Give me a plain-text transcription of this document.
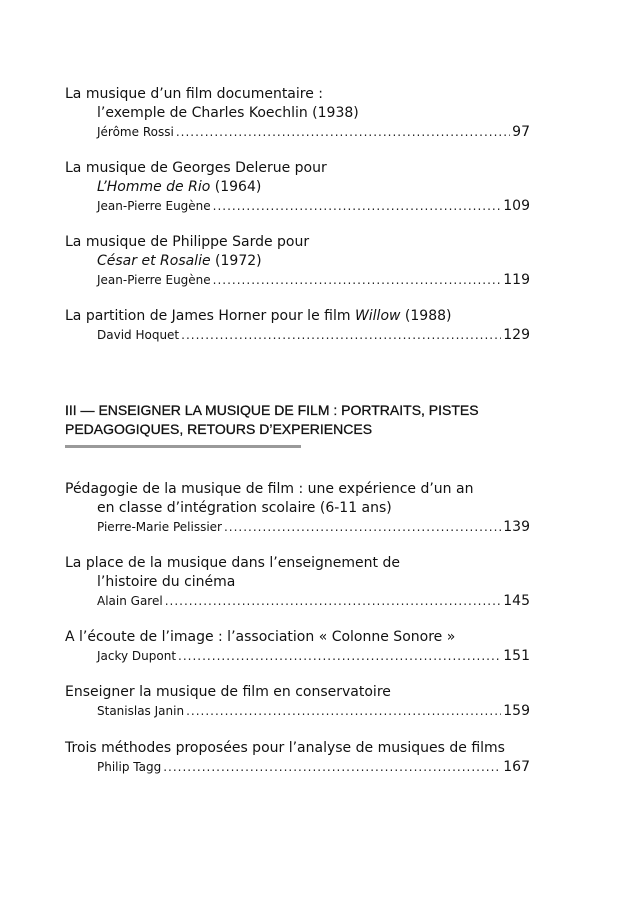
La musique d’un film documentaire :
l’exemple de Charles Koechlin (1938)
Jérôme Rossi .....	97
La musique de Georges Delerue pour
L’Homme de Rio (1964)
Jean-Pierre Eugène .....	109
La musique de Philippe Sarde pour
César et Rosalie (1972)
Jean-Pierre Eugène .....	119
La partition de James Horner pour le film Willow (1988)
David Hoquet .....	129
III — ENSEIGNER LA MUSIQUE DE FILM : PORTRAITS, PISTES
PEDAGOGIQUES, RETOURS D’EXPERIENCES
Pédagogie de la musique de film : une expérience d’un an
en classe d’intégration scolaire (6-11 ans)
Pierre-Marie Pelissier .....	139
La place de la musique dans l’enseignement de
l’histoire du cinéma
Alain Garel .....	145
A l’écoute de l’image : l’association « Colonne Sonore »
Jacky Dupont .....	151
Enseigner la musique de film en conservatoire
Stanislas Janin .....	159
Trois méthodes proposées pour l’analyse de musiques de films
Philip Tagg .....	167
